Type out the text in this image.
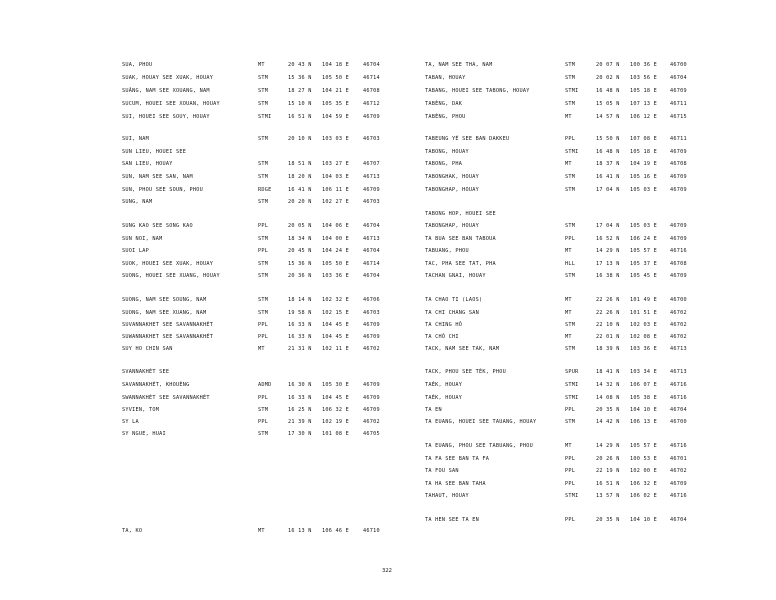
SUA, PHOU	MT	20 43 N 104 18 E	46704
SUAK, HOUAY SEE XUAK, HOUAY	STM	15 36 N 105 50 E	46714
SUÂNG, NAM SEE XOUANG, NAM	STM	18 27 N 104 21 E	46708
SUCUM, HOUEI SEE XOUAN, HOUAY	STM	15 10 N 105 35 E	46712
SUI, HOUEI SEE SOUY, HOUAY	STMI	16 51 N 104 59 E	46709
SUI, NAM	STM	20 10 N 103 03 E	46703
SUN LIEU, HOUEI SEE
SAN LIEU, HOUAY	STM	18 51 N 103 27 E	46707
SUN, NAM SEE SAN, NAM	STM	18 20 N 104 03 E	46713
SUN, PHOU SEE SOUN, PHOU	RDGE	16 41 N 106 11 E	46709
SUNG, NAM	STM	20 20 N 102 27 E	46703
SUNG KAO SEE SONG KAO	PPL	20 05 N 104 06 E	46704
SUN NOI, NAM	STM	18 34 N 104 00 E	46713
SUOI LAP	PPL	20 45 N 104 24 E	46704
SUOK, HOUEI SEE XUAK, HOUAY	STM	15 36 N 105 50 E	46714
SUONG, HOUEI SEE XUANG, HOUAY	STM	20 36 N 103 36 E	46704
SUONG, NAM SEE SOUNG, NAM	STM	18 14 N 102 32 E	46706
SUONG, NAM SEE XUANG, NAM	STM	19 58 N 102 15 E	46703
SUVANNAKHET SEE SAVANNAKHÉT	PPL	16 33 N 104 45 E	46709
SUWANNAKHET SEE SAVANNAKHÉT	PPL	16 33 N 104 45 E	46709
SUY HO CHIN SAN	MT	21 31 N 102 11 E	46702
SVANNAKHÉT SEE
SAVANNAKHÉT, KHOUÈNG	ADMD	16 30 N 105 30 E	46709
SWANNAKHÉT SEE SAVANNAKHÉT	PPL	16 33 N 104 45 E	46709
SYVIEN, TOM	STM	16 25 N 106 32 E	46709
SY LA	PPL	21 39 N 102 19 E	46702
SY NGUE, HUAI	STM	17 30 N 101 08 E	46705
TA, KO	MT	16 13 N 106 46 E	46710
TA, NAM SEE THA, NAM	STM	20 07 N 100 36 E	46700
TABAN, HOUAY	STM	20 02 N 103 56 E	46704
TABANG, HOUEI SEE TABONG, HOUAY	STMI	16 48 N 105 18 E	46709
TABÈNG, DAK	STM	15 05 N 107 13 E	46711
TABÈNG, PHOU	MT	14 57 N 106 12 E	46715
TABEUNG YÉ SEE BAN DAKKEU	PPL	15 50 N 107 08 E	46711
TABONG, HOUAY	STMI	16 48 N 105 18 E	46709
TABONG, PHA	MT	18 37 N 104 19 E	46708
TABONGHAK, HOUAY	STM	16 41 N 105 16 E	46709
TABONGHAP, HOUAY	STM	17 04 N 105 03 E	46709
TABONG HOP, HOUEI SEE
TABONGHAP, HOUAY	STM	17 04 N 105 03 E	46709
TA BUA SEE BAN TABOUA	PPL	16 52 N 106 24 E	46709
TABUANG, PHOU	MT	14 29 N 105 57 E	46716
TAC, PHA SEE TAT, PHA	HLL	17 13 N 105 37 E	46708
TACHAN GNAI, HOUAY	STM	16 38 N 105 45 E	46709
TA CHAO TI (LAOS)	MT	22 26 N 101 49 E	46700
TA CHI CHANG SAN	MT	22 26 N 101 51 E	46702
TA CHING HÔ	STM	22 10 N 102 03 E	46702
TA CHÔ CHI	MT	22 01 N 102 08 E	46702
TACK, NAM SEE TAK, NAM	STM	18 39 N 103 36 E	46713
TACK, PHOU SEE TÉK, PHOU	SPUR	18 41 N 103 34 E	46713
TAÉK, HOUAY	STMI	14 32 N 106 07 E	46716
TAÈK, HOUAY	STMI	14 08 N 105 38 E	46716
TA EN	PPL	20 35 N 104 10 E	46704
TA EUANG, HOUEI SEE TAUANG, HOUAY	STM	14 42 N 106 13 E	46700
TA EUANG, PHOU SEE TABUANG, PHOU	MT	14 29 N 105 57 E	46716
TA FA SEE BAN TA FA	PPL	20 26 N 100 53 E	46701
TA FOU SAN	PPL	22 19 N 102 00 E	46702
TA HA SEE BAN TAHA	PPL	16 51 N 106 32 E	46709
TAHAUT, HOUAY	STMI	13 57 N 106 02 E	46716
TA HEN SEE TA EN	PPL	20 35 N 104 10 E	46704
322
